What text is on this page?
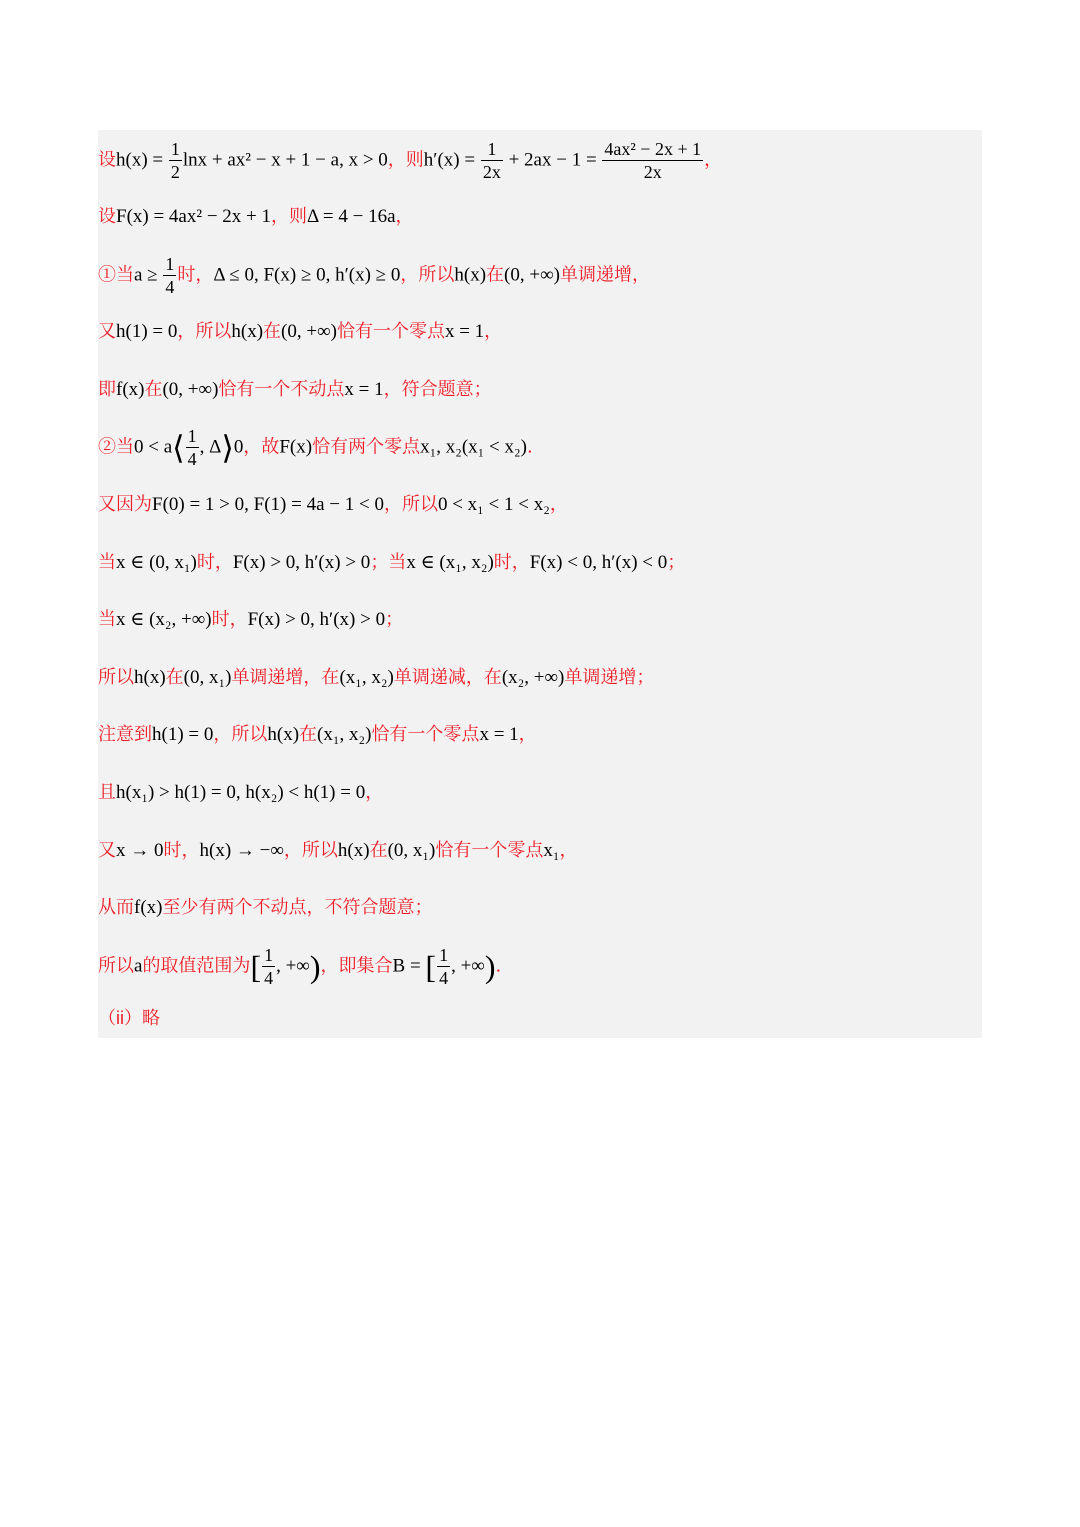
设$h(x) = \frac{1}{2}$ lnx + ax² − x + 1 − a, x > 0，则$h'(x) = \frac{1}{2x} + 2ax - 1 = \frac{\text{4ax² − 2x + 1}}{2x}$ ，
设F(x) = 4ax² − 2x + 1，则Δ = 4 − 16a，
①当$a \ge \frac{1}{4}$ 时，Δ ≤ 0, F(x) ≥ 0, h′(x) ≥ 0，所以h(x)在(0, +∞)单调递增，
又h(1) = 0，所以h(x)在(0, +∞)恰有一个零点x = 1，
即f(x)在(0, +∞)恰有一个不动点x = 1，符合题意；
②当0 < a⟨ $\frac{1}{4}$ , Δ⟩0，故F(x)恰有两个零点x₁, x₂(x₁ < x₂).
又因为F(0) = 1 > 0, F(1) = 4a − 1 < 0，所以0 < x₁ < 1 < x₂，
当x ∈ (0, x₁)时，F(x) > 0, h′(x) > 0；当x ∈ (x₁, x₂)时，F(x) < 0, h′(x) < 0；
当x ∈ (x₂, +∞)时，F(x) > 0, h′(x) > 0；
所以h(x)在(0, x₁)单调递增，在(x₁, x₂)单调递减，在(x₂, +∞)单调递增；
注意到h(1) = 0，所以h(x)在(x₁, x₂)恰有一个零点x = 1，
且h(x₁) > h(1) = 0, h(x₂) < h(1) = 0，
又x → 0时，h(x) → −∞，所以h(x)在(0, x₁)恰有一个零点x₁，
从而f(x)至少有两个不动点，不符合题意；
所以a的取值范围为[ $\frac{1}{4}$ , +∞)，即集合B = [ $\frac{1}{4}$ , +∞).
（ii）略
